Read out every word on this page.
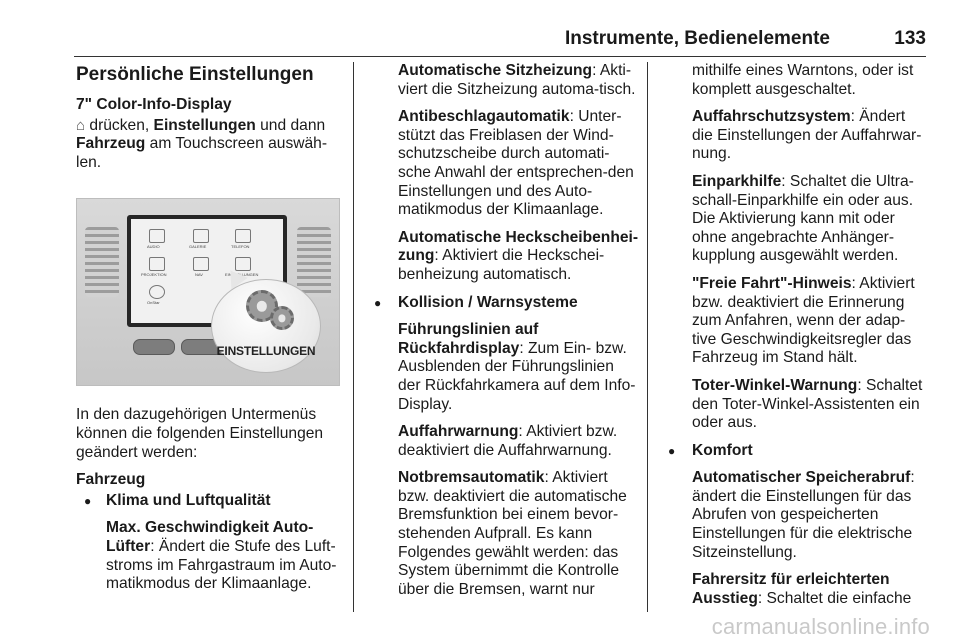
Instrumente, Bedienelemente	133
Persönliche Einstellungen
7" Color-Info-Display

⌂ drücken, Einstellungen und dann Fahrzeug am Touchscreen auswäh-len.

AUDIO	GALERIE	TELEFON
PROJEKTION	NAV	EINSTELLUNGEN
OnStar
EINSTELLUNGEN

In den dazugehörigen Untermenüs können die folgenden Einstellungen geändert werden:

Fahrzeug
● Klima und Luftqualität

Max. Geschwindigkeit Auto-Lüfter: Ändert die Stufe des Luft-stroms im Fahrgastraum im Auto-matikmodus der Klimaanlage.

Automatische Sitzheizung: Akti-viert die Sitzheizung automa-tisch.

Antibeschlagautomatik: Unter-stützt das Freiblasen der Wind-schutzscheibe durch automati-sche Anwahl der entsprechen-den Einstellungen und des Auto-matikmodus der Klimaanlage.

Automatische Heckscheibenhei-zung: Aktiviert die Heckschei-benheizung automatisch.

● Kollision / Warnsysteme

Führungslinien auf Rückfahrdisplay: Zum Ein- bzw. Ausblenden der Führungslinien der Rückfahrkamera auf dem Info-Display.

Auffahrwarnung: Aktiviert bzw. deaktiviert die Auffahrwarnung.

Notbremsautomatik: Aktiviert bzw. deaktiviert die automatische Bremsfunktion bei einem bevor-stehenden Aufprall. Es kann Folgendes gewählt werden: das System übernimmt die Kontrolle über die Bremsen, warnt nur

mithilfe eines Warntons, oder ist komplett ausgeschaltet.

Auffahrschutzsystem: Ändert die Einstellungen der Auffahrwar-nung.

Einparkhilfe: Schaltet die Ultra-schall-Einparkhilfe ein oder aus. Die Aktivierung kann mit oder ohne angebrachte Anhänger-kupplung ausgewählt werden.

"Freie Fahrt"-Hinweis: Aktiviert bzw. deaktiviert die Erinnerung zum Anfahren, wenn der adap-tive Geschwindigkeitsregler das Fahrzeug im Stand hält.

Toter-Winkel-Warnung: Schaltet den Toter-Winkel-Assistenten ein oder aus.

● Komfort

Automatischer Speicherabruf: ändert die Einstellungen für das Abrufen von gespeicherten Einstellungen für die elektrische Sitzeinstellung.

Fahrersitz für erleichterten Ausstieg: Schaltet die einfache

carmanualsonline.info
